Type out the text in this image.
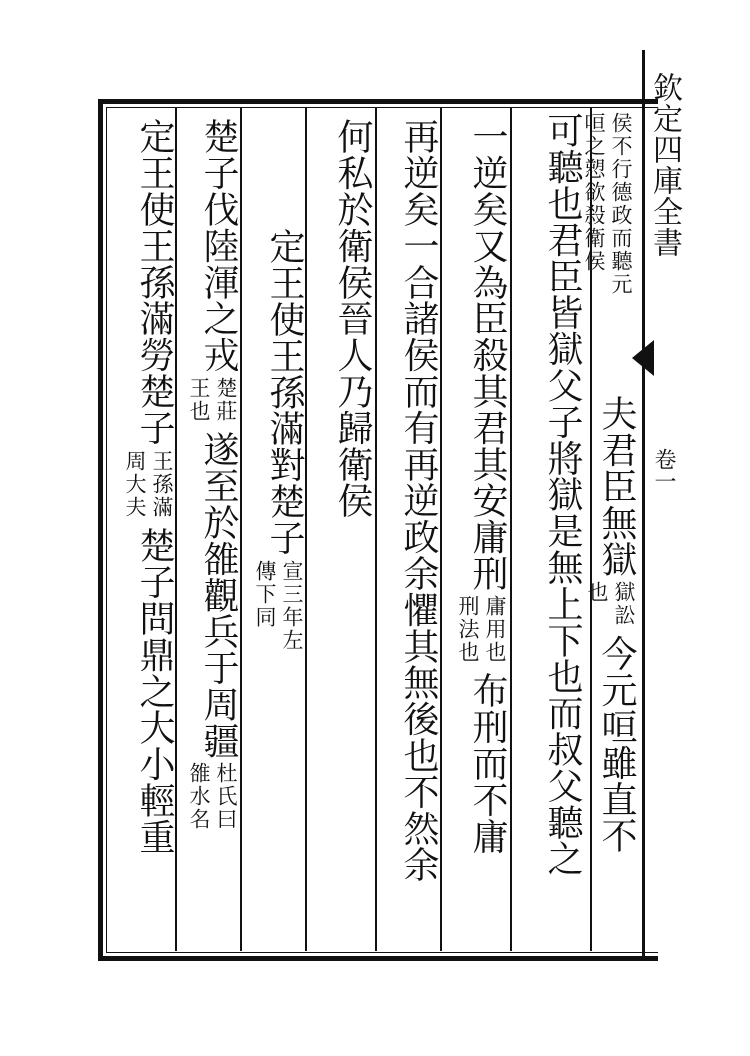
欽定四庫全書
卷一
夫君臣無獄
獄訟
也
今元咺雖直不
侯不行德政而聽元
咺之愬欲殺衛侯
可聽也君臣皆獄父子將獄是無上下也而叔父聽之
一逆矣又為臣殺其君其安庸刑
庸用也
刑法也
布刑而不庸
再逆矣一合諸侯而有再逆政余懼其無後也不然余
何私於衛侯晉人乃歸衛侯
定王使王孫滿對楚子
宣三年左
傳下同
楚子伐陸渾之戎
楚莊
王也
遂至於雒觀兵于周疆
杜氏曰
雒水名
定王使王孫滿勞楚子
王孫滿
周大夫
楚子問鼎之大小輕重
